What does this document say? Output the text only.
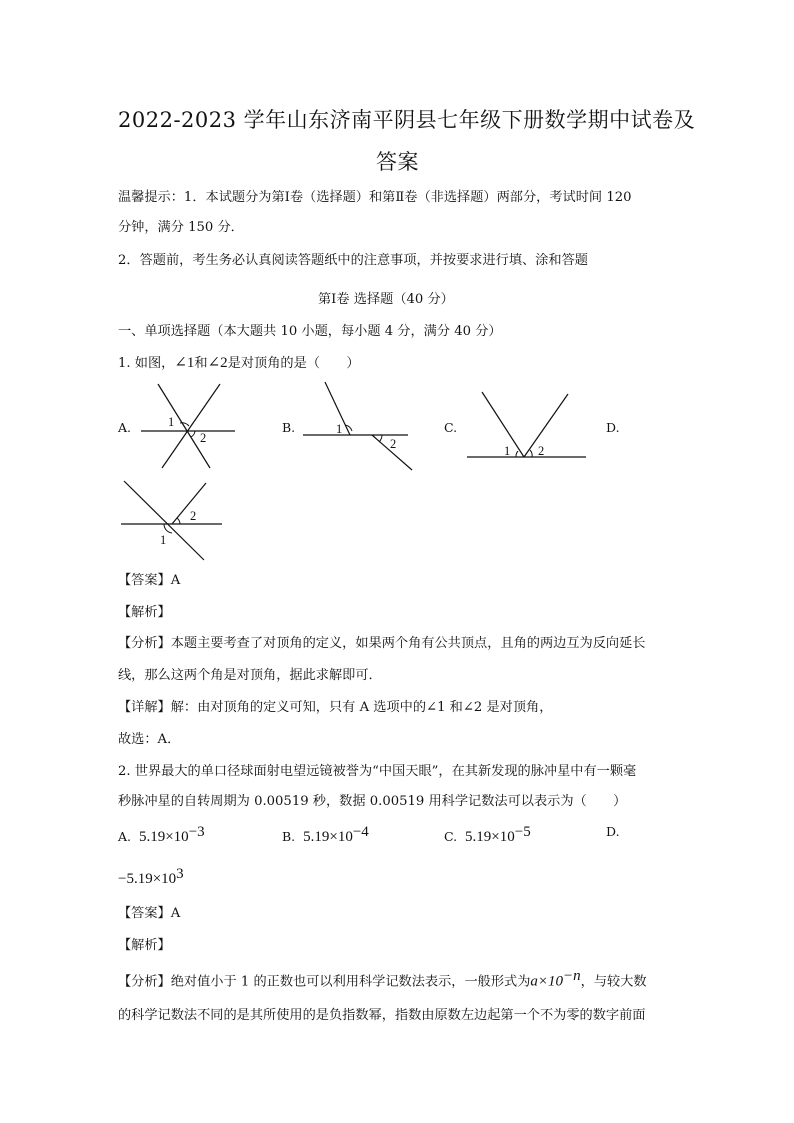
2022-2023 学年山东济南平阴县七年级下册数学期中试卷及
答案
温馨提示：1．本试题分为第Ⅰ卷（选择题）和第Ⅱ卷（非选择题）两部分，考试时间 120
分钟，满分 150 分．
2．答题前，考生务必认真阅读答题纸中的注意事项，并按要求进行填、涂和答题
第Ⅰ卷 选择题（40 分）
一、单项选择题（本大题共 10 小题，每小题 4 分，满分 40 分）
1. 如图，∠1和∠2是对顶角的是（　　）
A.	B.	C.	D.
1
2
1
2	1 2
2
1
【答案】A
【解析】
【分析】本题主要考查了对顶角的定义，如果两个角有公共顶点，且角的两边互为反向延长
线，那么这两个角是对顶角，据此求解即可．
【详解】解：由对顶角的定义可知，只有 A 选项中的∠1 和∠2 是对顶角，
故选：A．
2. 世界最大的单口径球面射电望远镜被誉为“中国天眼”，在其新发现的脉冲星中有一颗毫
秒脉冲星的自转周期为 0.00519 秒，数据 0.00519 用科学记数法可以表示为（　　）
A. $5.19\times 10^{-3}$	B. $5.19\times 10^{-4}$	C. $5.19\times 10^{-5}$	D.
$-5.19\times 10^3$
【答案】A
【解析】
【分析】绝对值小于 1 的正数也可以利用科学记数法表示，一般形式为$a\times 10^{-n}$，与较大数
的科学记数法不同的是其所使用的是负指数幂，指数由原数左边起第一个不为零的数字前面
